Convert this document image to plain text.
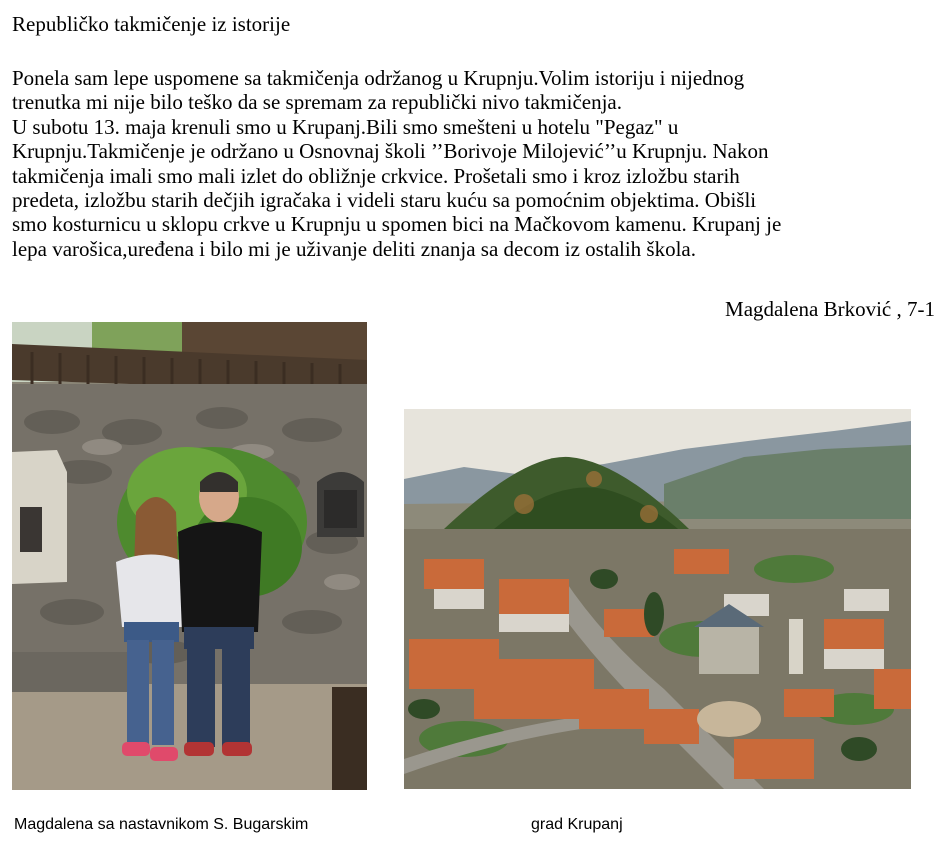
Republičko takmičenje iz istorije
Ponela sam lepe uspomene sa takmičenja održanog u Krupnju.Volim istoriju i nijednog
trenutka mi nije bilo teško da se spremam za republički nivo takmičenja.
U subotu 13. maja krenuli smo u Krupanj.Bili smo smešteni u hotelu "Pegaz" u
Krupnju.Takmičenje je održano u Osnovnaj školi ’’Borivoje Milojević’’u Krupnju. Nakon
takmičenja imali smo mali izlet do obližnje crkvice. Prošetali smo i kroz izložbu starih
predeta, izložbu starih dečjih igračaka i videli staru kuću sa pomoćnim objektima. Obišli
smo kosturnicu u sklopu crkve u Krupnju u spomen bici na Mačkovom kamenu. Krupanj je
lepa varošica,uređena i bilo mi je uživanje deliti znanja sa decom iz ostalih škola.
Magdalena Brković , 7-1
Magdalena sa nastavnikom S. Bugarskim	grad Krupanj
